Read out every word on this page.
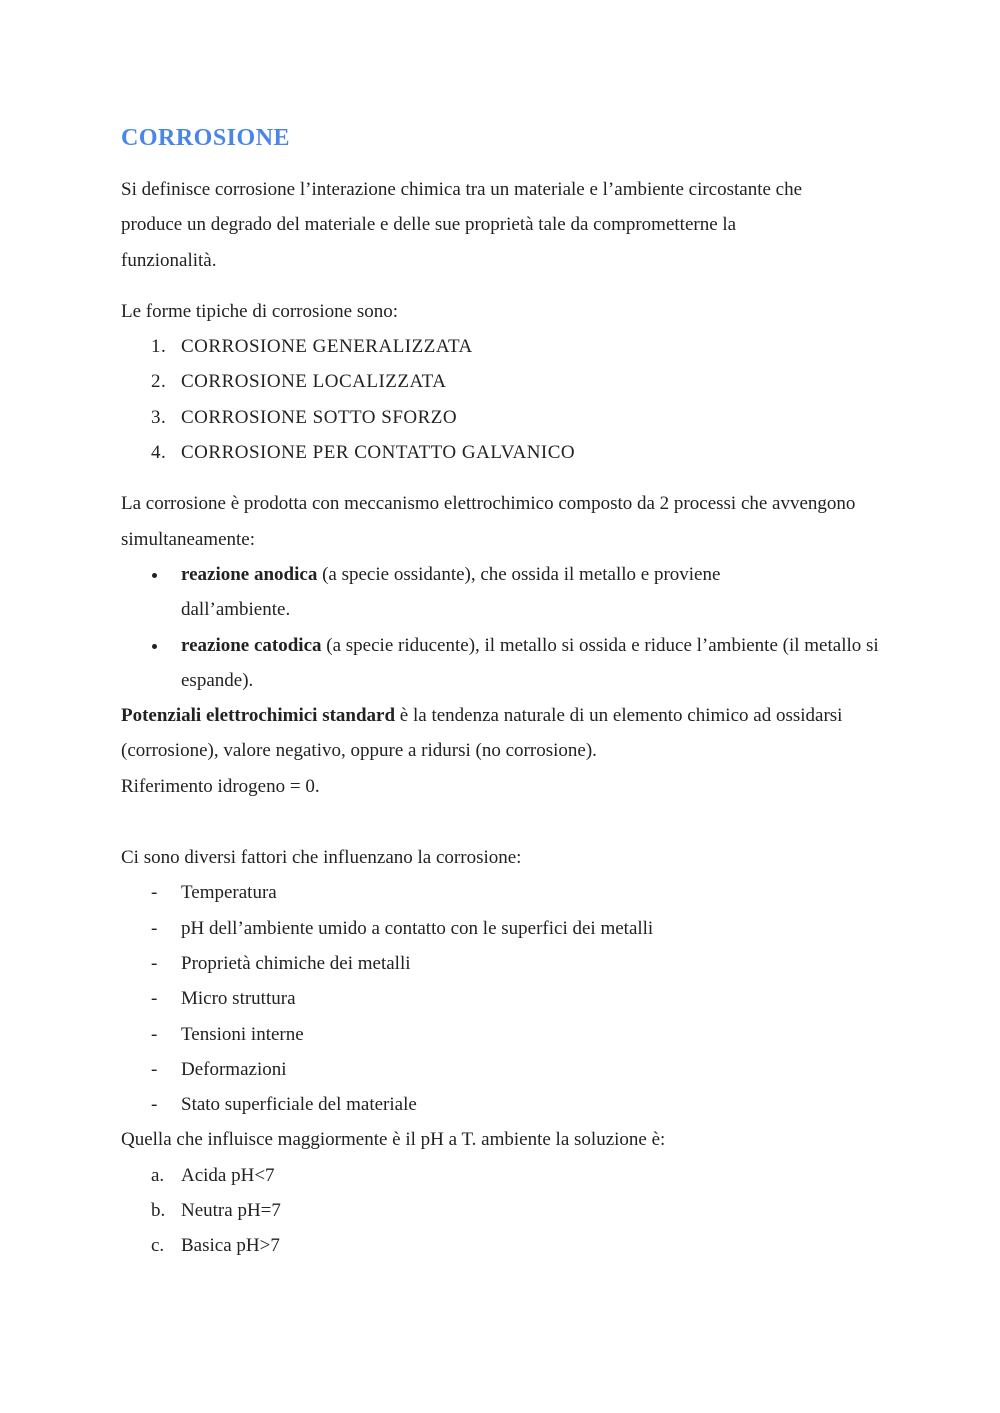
CORROSIONE

Si definisce corrosione l’interazione chimica tra un materiale e l’ambiente circostante che produce un degrado del materiale e delle sue proprietà tale da comprometterne la funzionalità.

Le forme tipiche di corrosione sono:

1. CORROSIONE GENERALIZZATA
2. CORROSIONE LOCALIZZATA
3. CORROSIONE SOTTO SFORZO
4. CORROSIONE PER CONTATTO GALVANICO

La corrosione è prodotta con meccanismo elettrochimico composto da 2 processi che avvengono simultaneamente:

reazione anodica (a specie ossidante), che ossida il metallo e proviene dall’ambiente.
reazione catodica (a specie riducente), il metallo si ossida e riduce l’ambiente (il metallo si espande).

Potenziali elettrochimici standard è la tendenza naturale di un elemento chimico ad ossidarsi (corrosione), valore negativo, oppure a ridursi (no corrosione).

Riferimento idrogeno = 0.

Ci sono diversi fattori che influenzano la corrosione:

-	Temperatura
-	pH dell’ambiente umido a contatto con le superfici dei metalli
-	Proprietà chimiche dei metalli
-	Micro struttura
-	Tensioni interne
-	Deformazioni
-	Stato superficiale del materiale

Quella che influisce maggiormente è il pH a T. ambiente la soluzione è:

a. Acida pH<7
b. Neutra pH=7
c. Basica pH>7
